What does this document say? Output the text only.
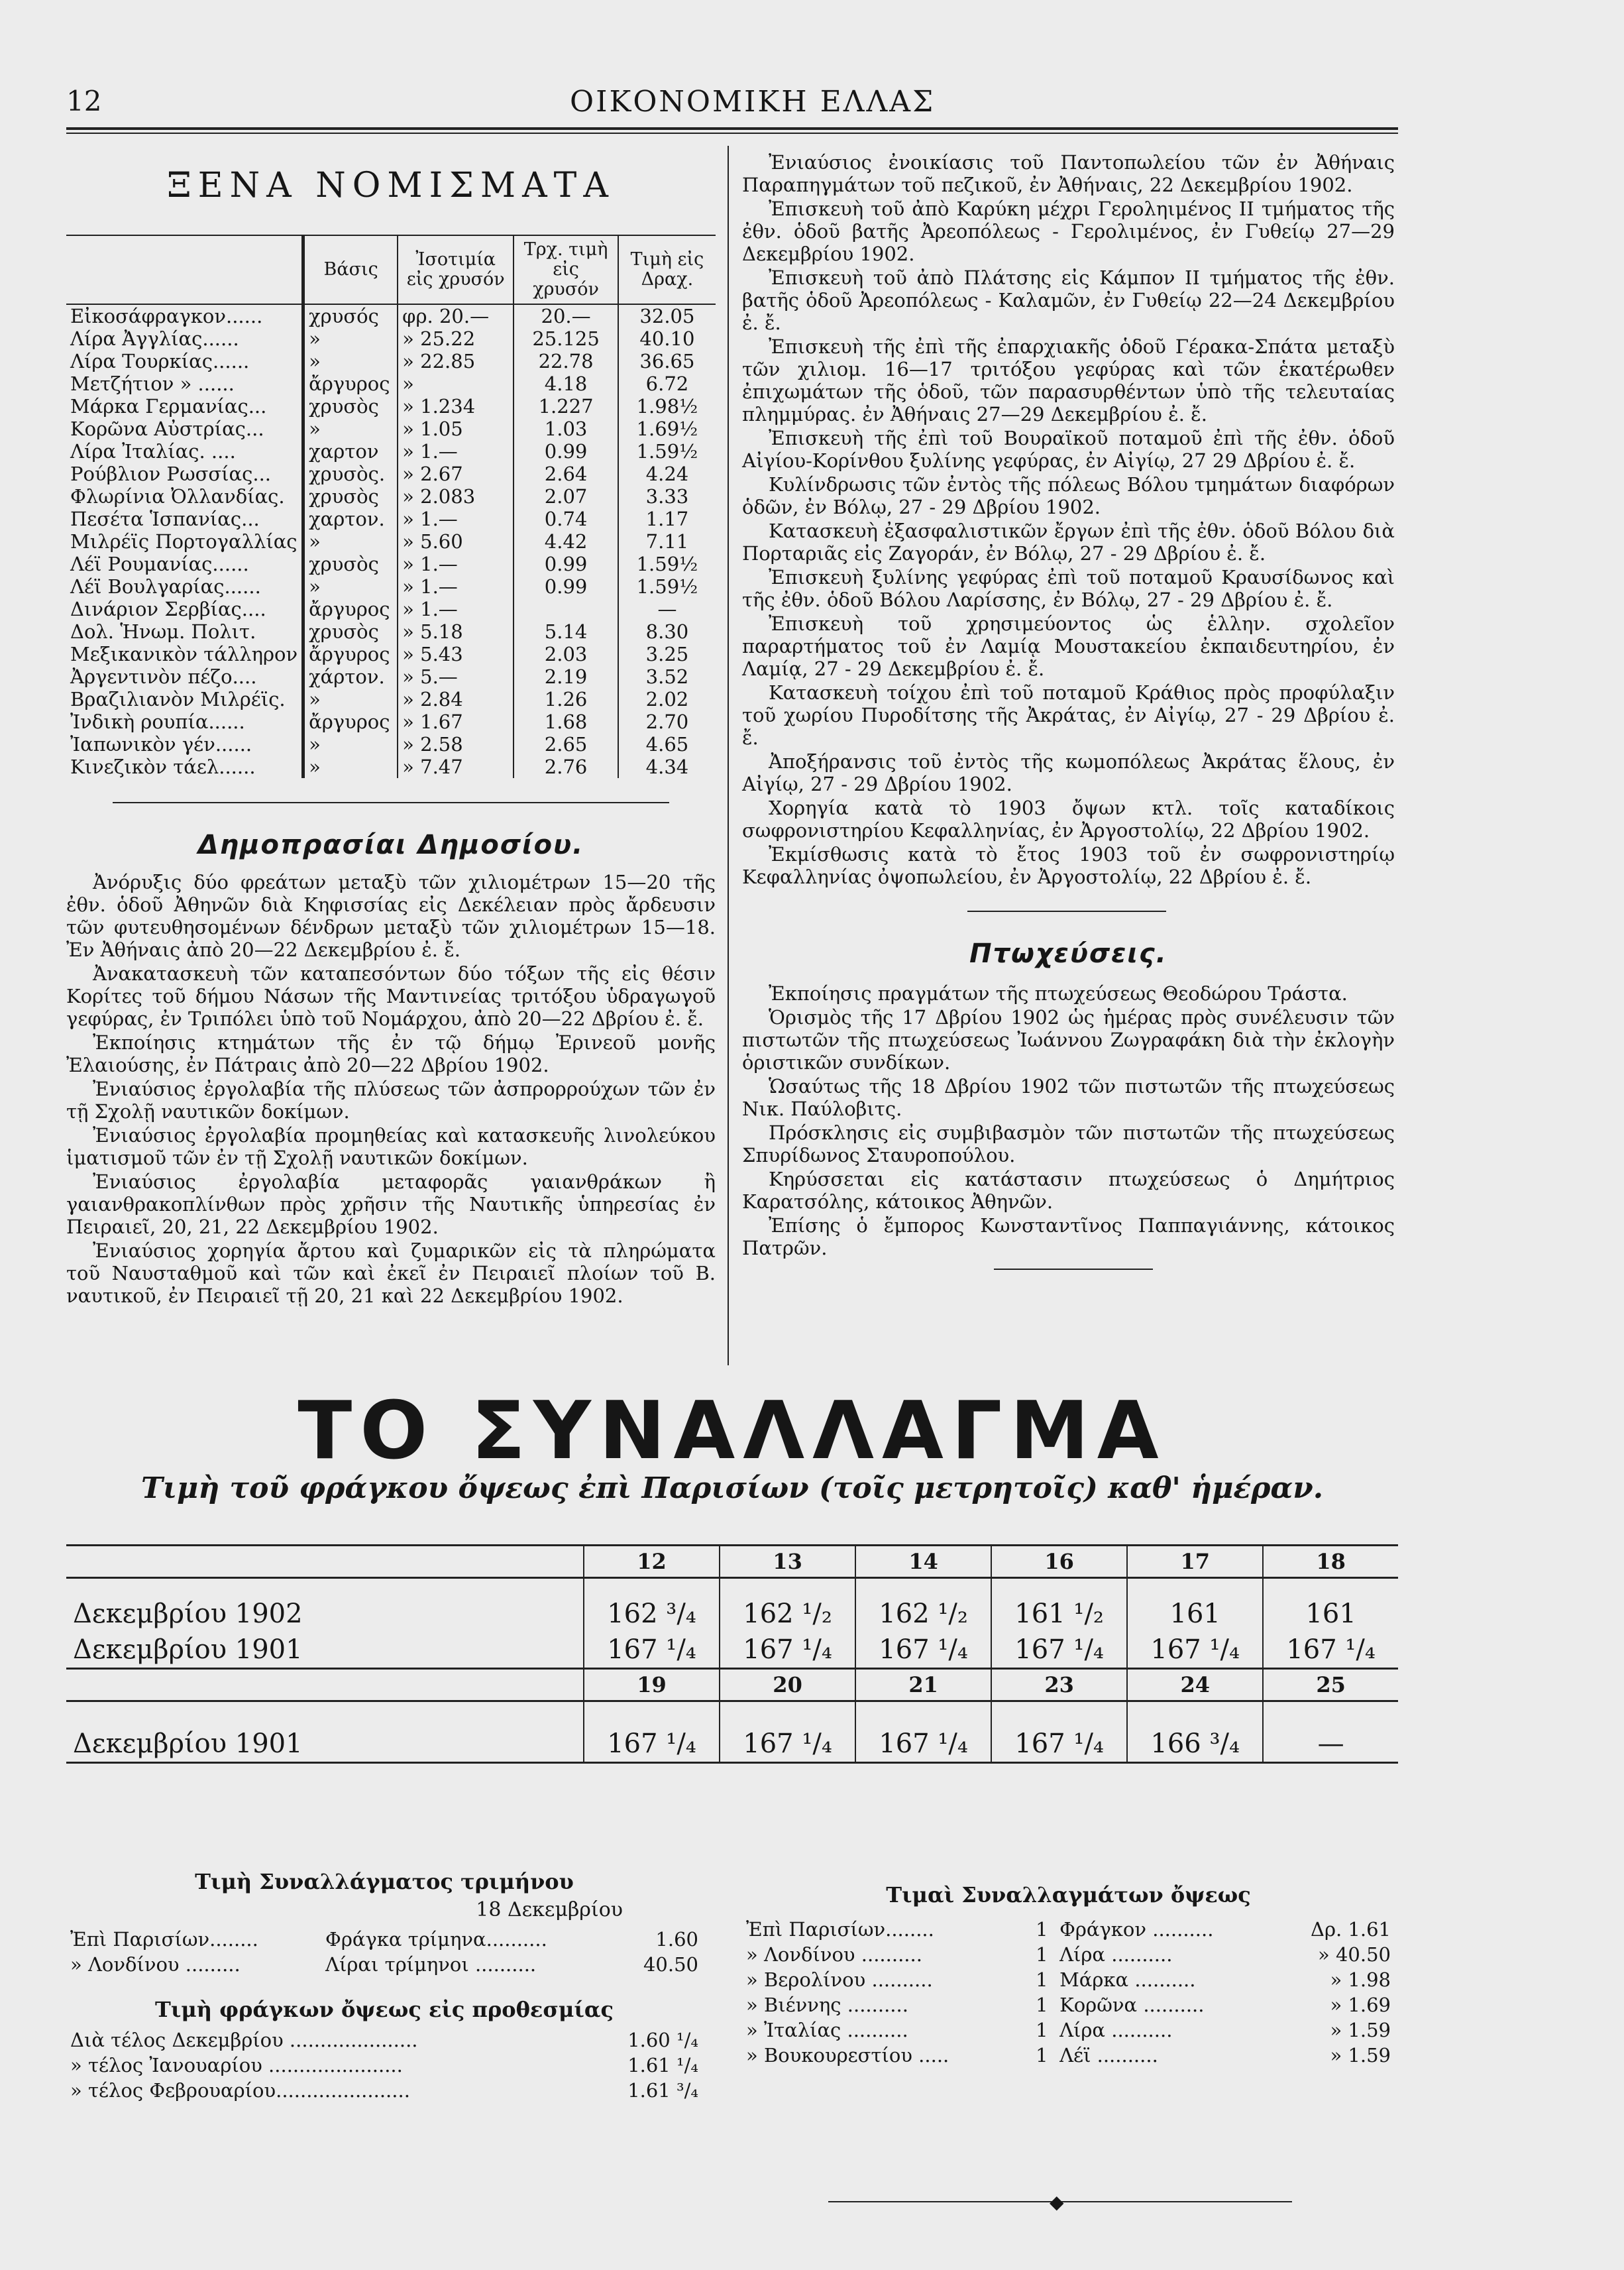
12	ΟΙΚΟΝΟΜΙΚΗ ΕΛΛΑΣ
ΞΕΝΑ ΝΟΜΙΣΜΑΤΑ
	Βάσις	Ἰσοτιμία εἰς χρυσόν	Τρχ. τιμὴ εἰς χρυσόν	Τιμὴ εἰς Δραχ.
Εἰκοσάφραγκον......	χρυσός	φρ. 20.—	20.—	32.05
Λίρα Ἀγγλίας......	»	» 25.22	25.125	40.10
Λίρα Τουρκίας......	»	» 22.85	22.78	36.65
Μετζήτιον » ......	ἄργυρος	»	4.18	6.72
Μάρκα Γερμανίας...	χρυσὸς	» 1.234	1.227	1.98½
Κορῶνα Αὐστρίας...	»	» 1.05	1.03	1.69½
Λίρα Ἰταλίας. ....	χαρτον	» 1.—	0.99	1.59½
Ρούβλιον Ρωσσίας...	χρυσὸς.	» 2.67	2.64	4.24
Φλωρίνια Ὀλλανδίας.	χρυσὸς	» 2.083	2.07	3.33
Πεσέτα Ἱσπανίας...	χαρτον.	» 1.—	0.74	1.17
Μιλρέϊς Πορτογαλλίας	»	» 5.60	4.42	7.11
Λέϊ Ρουμανίας......	χρυσὸς	» 1.—	0.99	1.59½
Λέϊ Βουλγαρίας......	»	» 1.—	0.99	1.59½
Δινάριον Σερβίας....	ἄργυρος	» 1.—		—
Δολ. Ἡνωμ. Πολιτ.	χρυσὸς	» 5.18	5.14	8.30
Μεξικανικὸν τάλληρον	ἄργυρος	» 5.43	2.03	3.25
Ἀργεντινὸν πέζο....	χάρτον.	» 5.—	2.19	3.52
Βραζιλιανὸν Μιλρέϊς.	»	» 2.84	1.26	2.02
Ἰνδικὴ ρουπία......	ἄργυρος	» 1.67	1.68	2.70
Ἰαπωνικὸν γέν......	»	» 2.58	2.65	4.65
Κινεζικὸν τάελ......	»	» 7.47	2.76	4.34
Δημοπρασίαι Δημοσίου.

Ἀνόρυξις δύο φρεάτων μεταξὺ τῶν χιλιομέτρων 15—20 τῆς ἐθν. ὁδοῦ Ἀθηνῶν διὰ Κηφισσίας εἰς Δεκέλειαν πρὸς ἄρδευσιν τῶν φυτευθησομένων δένδρων μεταξὺ τῶν χιλιομέτρων 15—18. Ἐν Ἀθήναις ἀπὸ 20—22 Δεκεμβρίου ἐ. ἔ.

Ἀνακατασκευὴ τῶν καταπεσόντων δύο τόξων τῆς εἰς θέσιν Κορίτες τοῦ δήμου Νάσων τῆς Μαντινείας τριτόξου ὑδραγωγοῦ γεφύρας, ἐν Τριπόλει ὑπὸ τοῦ Νομάρχου, ἀπὸ 20—22 Δβρίου ἐ. ἔ.

Ἐκποίησις κτημάτων τῆς ἐν τῷ δήμῳ Ἐρινεοῦ μονῆς Ἐλαιούσης, ἐν Πάτραις ἀπὸ 20—22 Δβρίου 1902.

Ἐνιαύσιος ἐργολαβία τῆς πλύσεως τῶν ἀσπρορρούχων τῶν ἐν τῇ Σχολῇ ναυτικῶν δοκίμων.

Ἐνιαύσιος ἐργολαβία προμηθείας καὶ κατασκευῆς λινολεύκου ἱματισμοῦ τῶν ἐν τῇ Σχολῇ ναυτικῶν δοκίμων.

Ἐνιαύσιος ἐργολαβία μεταφορᾶς γαιανθράκων ἢ γαιανθρακοπλίνθων πρὸς χρῆσιν τῆς Ναυτικῆς ὑπηρεσίας ἐν Πειραιεῖ, 20, 21, 22 Δεκεμβρίου 1902.

Ἐνιαύσιος χορηγία ἄρτου καὶ ζυμαρικῶν εἰς τὰ πληρώματα τοῦ Ναυσταθμοῦ καὶ τῶν καὶ ἐκεῖ ἐν Πειραιεῖ πλοίων τοῦ Β. ναυτικοῦ, ἐν Πειραιεῖ τῇ 20, 21 καὶ 22 Δεκεμβρίου 1902.

Ἐνιαύσιος ἐνοικίασις τοῦ Παντοπωλείου τῶν ἐν Ἀθήναις Παραπηγμάτων τοῦ πεζικοῦ, ἐν Ἀθήναις, 22 Δεκεμβρίου 1902.

Ἐπισκευὴ τοῦ ἀπὸ Καρύκη μέχρι Γεροληιμένος II τμήματος τῆς ἐθν. ὁδοῦ βατῆς Ἀρεοπόλεως - Γερολιμένος, ἐν Γυθείῳ 27—29 Δεκεμβρίου 1902.

Ἐπισκευὴ τοῦ ἀπὸ Πλάτσης εἰς Κάμπον II τμήματος τῆς ἐθν. βατῆς ὁδοῦ Ἀρεοπόλεως - Καλαμῶν, ἐν Γυθείῳ 22—24 Δεκεμβρίου ἐ. ἔ.

Ἐπισκευὴ τῆς ἐπὶ τῆς ἐπαρχιακῆς ὁδοῦ Γέρακα-Σπάτα μεταξὺ τῶν χιλιομ. 16—17 τριτόξου γεφύρας καὶ τῶν ἑκατέρωθεν ἐπιχωμάτων τῆς ὁδοῦ, τῶν παρασυρθέντων ὑπὸ τῆς τελευταίας πλημμύρας. ἐν Ἀθήναις 27—29 Δεκεμβρίου ἐ. ἔ.

Ἐπισκευὴ τῆς ἐπὶ τοῦ Βουραϊκοῦ ποταμοῦ ἐπὶ τῆς ἐθν. ὁδοῦ Αἰγίου-Κορίνθου ξυλίνης γεφύρας, ἐν Αἰγίῳ, 27 29 Δβρίου ἐ. ἔ.

Κυλίνδρωσις τῶν ἐντὸς τῆς πόλεως Βόλου τμημάτων διαφόρων ὁδῶν, ἐν Βόλῳ, 27 - 29 Δβρίου 1902.

Κατασκευὴ ἐξασφαλιστικῶν ἔργων ἐπὶ τῆς ἐθν. ὁδοῦ Βόλου διὰ Πορταριᾶς εἰς Ζαγοράν, ἐν Βόλῳ, 27 - 29 Δβρίου ἐ. ἔ.

Ἐπισκευὴ ξυλίνης γεφύρας ἐπὶ τοῦ ποταμοῦ Κραυσίδωνος καὶ τῆς ἐθν. ὁδοῦ Βόλου Λαρίσσης, ἐν Βόλῳ, 27 - 29 Δβρίου ἐ. ἔ.

Ἐπισκευὴ τοῦ χρησιμεύοντος ὡς ἑλλην. σχολεῖον παραρτήματος τοῦ ἐν Λαμίᾳ Μουστακείου ἐκπαιδευτηρίου, ἐν Λαμίᾳ, 27 - 29 Δεκεμβρίου ἐ. ἔ.

Κατασκευὴ τοίχου ἐπὶ τοῦ ποταμοῦ Κράθιος πρὸς προφύλαξιν τοῦ χωρίου Πυροδίτσης τῆς Ἀκράτας, ἐν Αἰγίῳ, 27 - 29 Δβρίου ἐ. ἔ.

Ἀποξήρανσις τοῦ ἐντὸς τῆς κωμοπόλεως Ἀκράτας ἕλους, ἐν Αἰγίῳ, 27 - 29 Δβρίου 1902.

Χορηγία κατὰ τὸ 1903 ὄψων κτλ. τοῖς καταδίκοις σωφρονιστηρίου Κεφαλληνίας, ἐν Ἀργοστολίῳ, 22 Δβρίου 1902.

Ἐκμίσθωσις κατὰ τὸ ἔτος 1903 τοῦ ἐν σωφρονιστηρίῳ Κεφαλληνίας ὀψοπωλείου, ἐν Ἀργοστολίῳ, 22 Δβρίου ἐ. ἔ.

Πτωχεύσεις.

Ἐκποίησις πραγμάτων τῆς πτωχεύσεως Θεοδώρου Τράστα.

Ὁρισμὸς τῆς 17 Δβρίου 1902 ὡς ἡμέρας πρὸς συνέλευσιν τῶν πιστωτῶν τῆς πτωχεύσεως Ἰωάννου Ζωγραφάκη διὰ τὴν ἐκλογὴν ὁριστικῶν συνδίκων.

Ὡσαύτως τῆς 18 Δβρίου 1902 τῶν πιστωτῶν τῆς πτωχεύσεως Νικ. Παύλοβιτς.

Πρόσκλησις εἰς συμβιβασμὸν τῶν πιστωτῶν τῆς πτωχεύσεως Σπυρίδωνος Σταυροπούλου.

Κηρύσσεται εἰς κατάστασιν πτωχεύσεως ὁ Δημήτριος Καρατσόλης, κάτοικος Ἀθηνῶν.

Ἐπίσης ὁ ἔμπορος Κωνσταντῖνος Παππαγιάννης, κάτοικος Πατρῶν.

ΤΟ ΣΥΝΑΛΛΑΓΜΑ
Τιμὴ τοῦ φράγκου ὄψεως ἐπὶ Παρισίων (τοῖς μετρητοῖς) καθ' ἡμέραν.
	12	13	14	16	17	18
Δεκεμβρίου 1902	162 ³/₄	162 ¹/₂	162 ¹/₂	161 ¹/₂	161	161
Δεκεμβρίου 1901	167 ¹/₄	167 ¹/₄	167 ¹/₄	167 ¹/₄	167 ¹/₄	167 ¹/₄
	19	20	21	23	24	25
Δεκεμβρίου 1901	167 ¹/₄	167 ¹/₄	167 ¹/₄	167 ¹/₄	166 ³/₄	—
Τιμὴ Συναλλάγματος τριμήνου
18 Δεκεμβρίου
Ἐπὶ Παρισίων........	Φράγκα τρίμηνα..........	1.60
» Λονδίνου .........	Λίραι τρίμηνοι ..........	40.50
Τιμὴ φράγκων ὄψεως εἰς προθεσμίας
Διὰ τέλος Δεκεμβρίου .....................	1.60 ¹/₄
» τέλος Ἰανουαρίου ......................	1.61 ¹/₄
» τέλος Φεβρουαρίου......................	1.61 ³/₄
Τιμαὶ Συναλλαγμάτων ὄψεως
Ἐπὶ Παρισίων........	1	Φράγκον ..........	Δρ. 1.61
» Λονδίνου ..........	1	Λίρα ..........	» 40.50
» Βερολίνου ..........	1	Μάρκα ..........	» 1.98
» Βιέννης ..........	1	Κορῶνα ..........	» 1.69
» Ἰταλίας ..........	1	Λίρα ..........	» 1.59
» Βουκουρεστίου .....	1	Λέϊ ..........	» 1.59
◆
